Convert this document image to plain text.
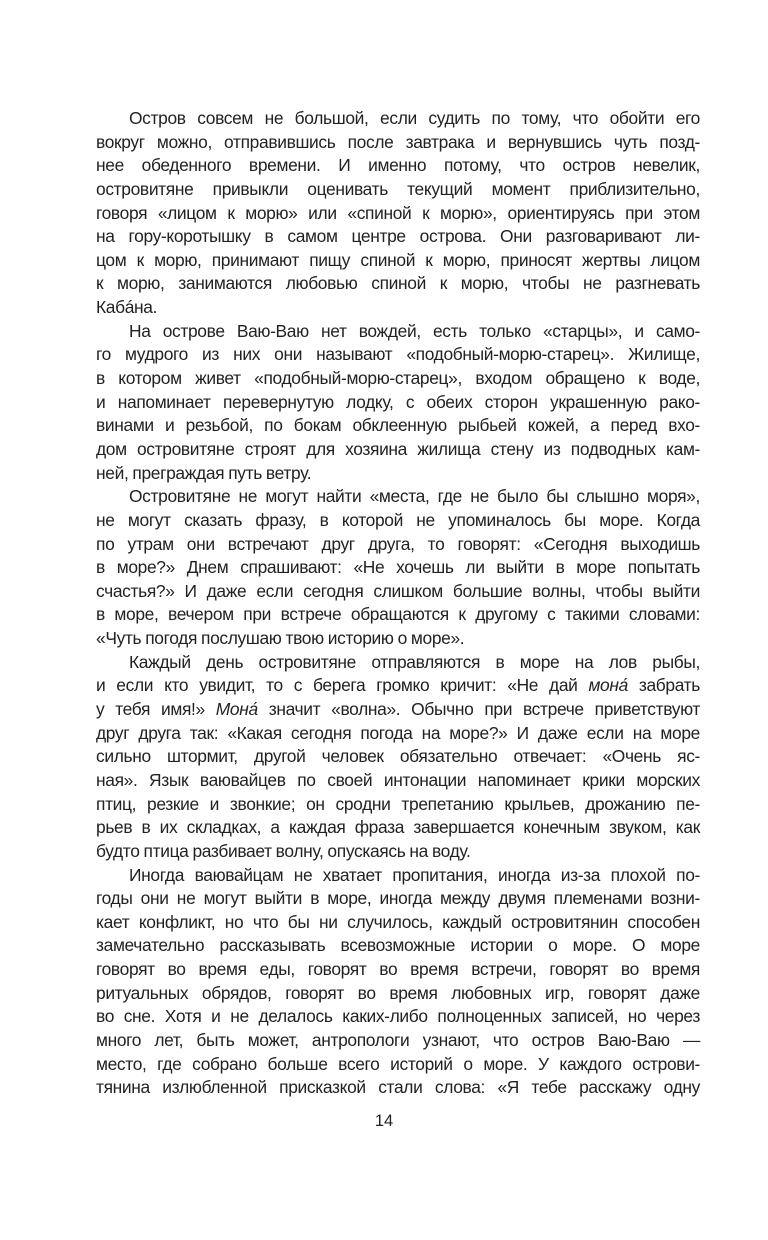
Остров совсем не большой, если судить по тому, что обойти его
вокруг можно, отправившись после завтрака и вернувшись чуть позд-
нее обеденного времени. И именно потому, что остров невелик,
островитяне привыкли оценивать текущий момент приблизительно,
говоря «лицом к морю» или «спиной к морю», ориентируясь при этом
на гору-коротышку в самом центре острова. Они разговаривают ли-
цом к морю, принимают пищу спиной к морю, приносят жертвы лицом
к морю, занимаются любовью спиной к морю, чтобы не разгневать
Кабáна.
На острове Ваю-Ваю нет вождей, есть только «старцы», и само-
го мудрого из них они называют «подобный-морю-старец». Жилище,
в котором живет «подобный-морю-старец», входом обращено к воде,
и напоминает перевернутую лодку, с обеих сторон украшенную рако-
винами и резьбой, по бокам обклеенную рыбьей кожей, а перед вхо-
дом островитяне строят для хозяина жилища стену из подводных кам-
ней, преграждая путь ветру.
Островитяне не могут найти «места, где не было бы слышно моря»,
не могут сказать фразу, в которой не упоминалось бы море. Когда
по утрам они встречают друг друга, то говорят: «Сегодня выходишь
в море?» Днем спрашивают: «Не хочешь ли выйти в море попытать
счастья?» И даже если сегодня слишком большие волны, чтобы выйти
в море, вечером при встрече обращаются к другому с такими словами:
«Чуть погодя послушаю твою историю о море».
Каждый день островитяне отправляются в море на лов рыбы,
и если кто увидит, то с берега громко кричит: «Не дай мона́ забрать
у тебя имя!» Мона́ значит «волна». Обычно при встрече приветствуют
друг друга так: «Какая сегодня погода на море?» И даже если на море
сильно штормит, другой человек обязательно отвечает: «Очень яс-
ная». Язык ваювайцев по своей интонации напоминает крики морских
птиц, резкие и звонкие; он сродни трепетанию крыльев, дрожанию пе-
рьев в их складках, а каждая фраза завершается конечным звуком, как
будто птица разбивает волну, опускаясь на воду.
Иногда ваювайцам не хватает пропитания, иногда из-за плохой по-
годы они не могут выйти в море, иногда между двумя племенами возни-
кает конфликт, но что бы ни случилось, каждый островитянин способен
замечательно рассказывать всевозможные истории о море. О море
говорят во время еды, говорят во время встречи, говорят во время
ритуальных обрядов, говорят во время любовных игр, говорят даже
во сне. Хотя и не делалось каких-либо полноценных записей, но через
много лет, быть может, антропологи узнают, что остров Ваю-Ваю —
место, где собрано больше всего историй о море. У каждого острови-
тянина излюбленной присказкой стали слова: «Я тебе расскажу одну
14
